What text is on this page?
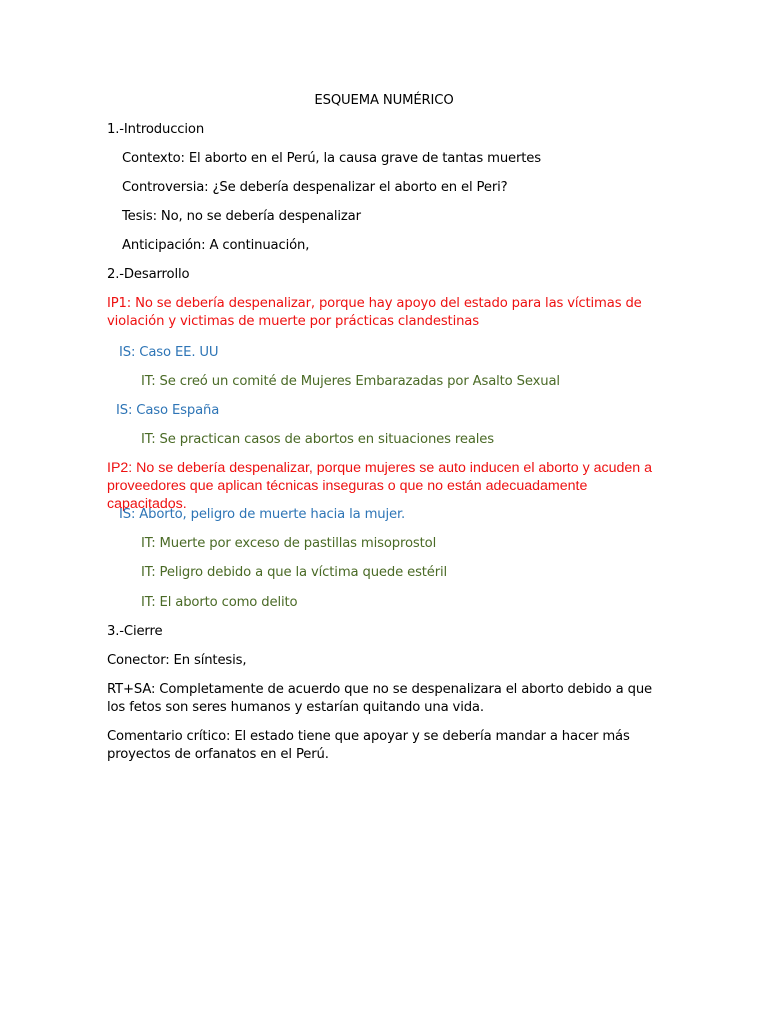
ESQUEMA NUMÉRICO
1.-Introduccion
Contexto: El aborto en el Perú, la causa grave de tantas muertes
Controversia: ¿Se debería despenalizar el aborto en el Peri?
Tesis: No, no se debería despenalizar
Anticipación: A continuación,
2.-Desarrollo
IP1: No se debería despenalizar, porque hay apoyo del estado para las víctimas de violación y victimas de muerte por prácticas clandestinas
IS: Caso EE. UU
IT: Se creó un comité de Mujeres Embarazadas por Asalto Sexual
IS: Caso España
IT: Se practican casos de abortos en situaciones reales
IP2: No se debería despenalizar, porque mujeres se auto inducen el aborto y acuden a proveedores que aplican técnicas inseguras o que no están adecuadamente capacitados.
IS: Aborto, peligro de muerte hacia la mujer.
IT: Muerte por exceso de pastillas misoprostol
IT: Peligro debido a que la víctima quede estéril
IT: El aborto como delito
3.-Cierre
Conector: En síntesis,
RT+SA: Completamente de acuerdo que no se despenalizara el aborto debido a que los fetos son seres humanos y estarían quitando una vida.
Comentario crítico: El estado tiene que apoyar y se debería mandar a hacer más proyectos de orfanatos en el Perú.
